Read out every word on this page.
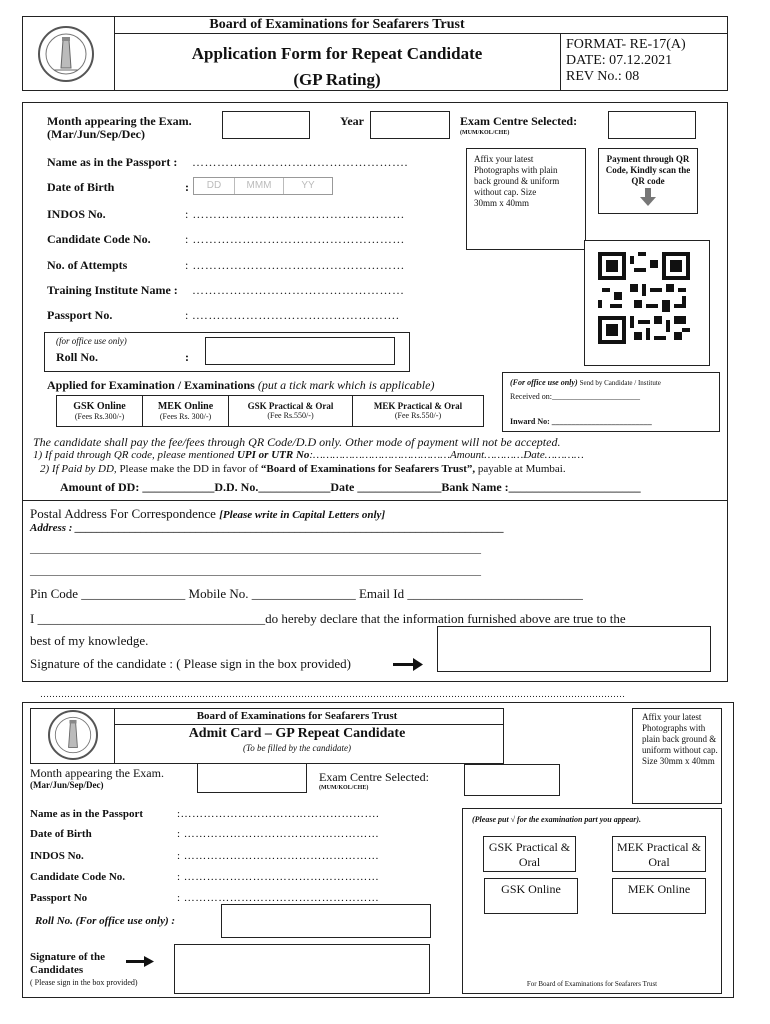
Board of Examinations for Seafarers Trust
Application Form for Repeat Candidate
(GP Rating)
FORMAT- RE-17(A)
DATE: 07.12.2021
REV No.: 08
Month appearing the Exam.
(Mar/Jun/Sep/Dec)
Year	Exam Centre Selected:
(MUM/KOL/CHE)
Name as in the Passport : …………………………………………….
Date of Birth	:	DD	MMM	YY
INDOS No.	: ……………………………………………
Candidate Code No.	: ……………………………………………
No. of Attempts	: ……………………………………………
Training Institute Name : ……………………………………………
Passport No.	: .………………………………………….
Affix your latest Photographs with plain back ground & uniform without cap. Size 30mm x 40mm
Payment through QR Code, Kindly scan the QR code
(for office use only)
Roll No.	:
Applied for Examination / Examinations (put a tick mark which is applicable)
GSK Online
(Fees Rs.300/-)
MEK Online
(Fees Rs. 300/-)
GSK Practical & Oral
(Fee Rs.550/-)
MEK Practical & Oral
(Fee Rs.550/-)
(For office use only) Send by Candidate / Institute
Received on:______________________
Inward No: _________________________
The candidate shall pay the fee/fees through QR Code/D.D only. Other mode of payment will not be accepted.
1) If paid through QR code, please mentioned UPI or UTR No:……………………………………Amount…………Date…………
2) If Paid by DD, Please make the DD in favor of “Board of Examinations for Seafarers Trust”, payable at Mumbai.
Amount of DD: ____________D.D. No.____________Date ______________Bank Name :______________________
Postal Address For Correspondence [Please write in Capital Letters only]
Address : ______________________________________________________________________________
__________________________________________________________________________________
__________________________________________________________________________________
Pin Code ________________ Mobile No. ________________ Email Id ___________________________
I ___________________________________do hereby declare that the information furnished above are true to the
best of my knowledge.
Signature of the candidate : ( Please sign in the box provided)
……………………………………………………………………………………………………………………………………………………………………………
Board of Examinations for Seafarers Trust
Admit Card – GP Repeat Candidate
(To be filled by the candidate)
Affix your latest Photographs with plain back ground & uniform without cap. Size 30mm x 40mm
Month appearing the Exam.
(Mar/Jun/Sep/Dec)
Exam Centre Selected:
(MUM/KOL/CHE)
Name as in the Passport	:…………………………………………….
Date of Birth	: ……………………………………………
INDOS No.	: ……………………………………………
Candidate Code No.	: ……………………………………………
Passport No	: ……………………………………………
Roll No. (For office use only) :
Signature of the
Candidates
( Please sign in the box provided)
(Please put √ for the examination part you appear).
GSK Practical & Oral
MEK Practical & Oral
GSK Online	MEK Online
For Board of Examinations for Seafarers Trust
